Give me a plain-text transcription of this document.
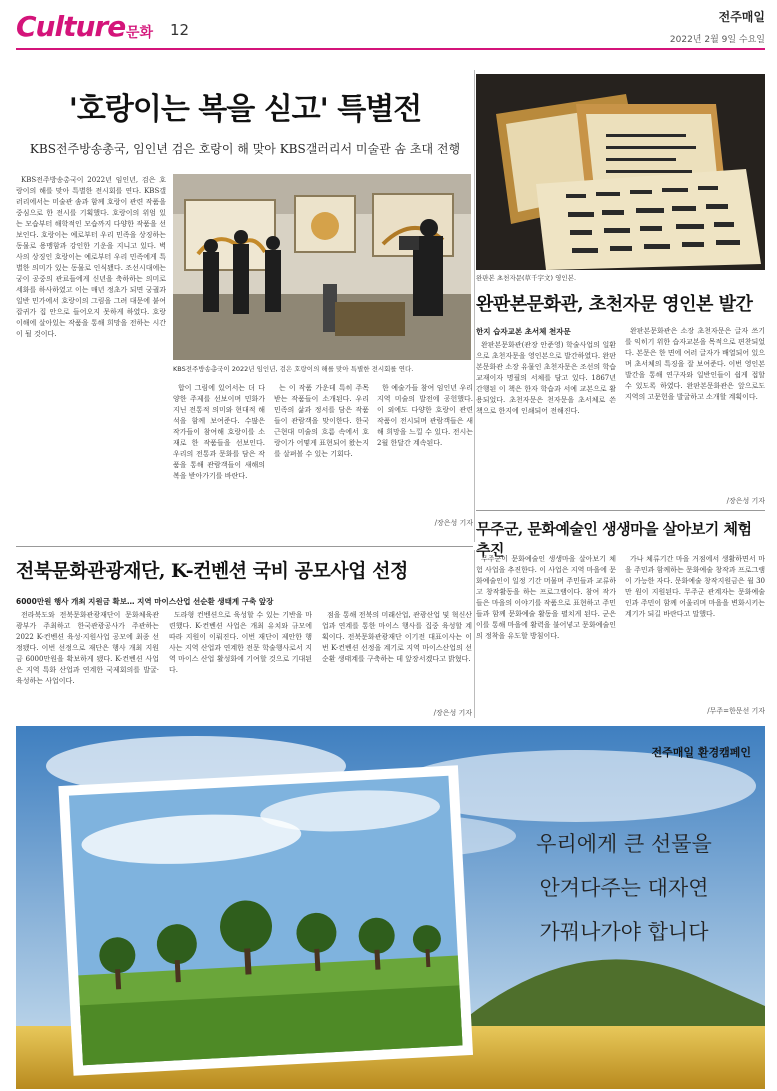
Culture 문화 12
전주매일
2022년 2월 9일 수요일
'호랑이는 복을 싣고' 특별전
KBS전주방송총국, 임인년 검은 호랑이 해 맞아 KBS갤러리서 미술관 솜 초대 전행

KBS전주방송총국이 2022년 임인년, 검은 호랑이의 해를 맞아 특별한 전시회를 연다. KBS갤러리에서는 미술관 솜과 함께 호랑이 관련 작품을 중심으로 한 전시를 기획했다. 호랑이의 위엄 있는 모습부터 해학적인 모습까지 다양한 작품을 선보인다. 호랑이는 예로부터 우리 민족을 상징하는 동물로 용맹함과 강인한 기운을 지니고 있다. 벽사의 상징인 호랑이는 예로부터 우리 민족에게 특별한 의미가 있는 동물로 인식됐다. 조선시대에는 궁이 공중의 관료들에게 신년을 축하하는 의미로 세화를 하사하였고 이는 매년 정초가 되면 궁궐과 일반 민가에서 호랑이의 그림을 그려 대문에 붙여 잡귀가 집 안으로 들어오지 못하게 하였다. 호랑이해에 살아있는 작품을 통해 희망을 전하는 시간이 될 것이다.

KBS전주방송총국이 2022년 임인년, 검은 호랑이의 해를 맞아 특별한 전시회를 연다.

합이 그림에 있어서는 더 다양한 주제를 선보이며 민화가 지닌 전통적 의미와 현대적 해석을 함께 보여준다. 수많은 작가들이 참여해 호랑이를 소재로 한 작품들을 선보인다. 우리의 전통과 문화를 담은 작품을 통해 관람객들이 새해의 복을 받아가기를 바란다.

는 이 작품 가운데 특히 주목받는 작품들이 소개된다. 우리 민족의 삶과 정서를 담은 작품들이 관람객을 맞이한다. 한국 근현대 미술의 흐름 속에서 호랑이가 어떻게 표현되어 왔는지를 살펴볼 수 있는 기회다.

한 예술가들 참여 임인년 우리 지역 미술의 발전에 공헌했다. 이 외에도 다양한 호랑이 관련 작품이 전시되며 관람객들은 새해 희망을 느낄 수 있다. 전시는 2월 한달간 계속된다.

/장은성 기자
완판본 초천자문(草千字文) 영인본.
완판본문화관, 초천자문 영인본 발간
한지 습자교본 초서체 천자문

완판본문화관(관장 안준영) 학술사업의 일환으로 초천자문을 영인본으로 발간하였다. 완판본문화관 소장 유물인 초천자문은 조선의 학습 교재이자 명필의 서체를 담고 있다. 1867년 간행된 이 책은 한자 학습과 서예 교본으로 활용되었다. 초천자문은 천자문을 초서체로 쓴 책으로 한지에 인쇄되어 전해진다.

완판본문화관은 소장 초천자문은 글자 쓰기를 익히기 위한 습자교본을 목적으로 편찬되었다. 본문은 한 면에 여러 글자가 배열되어 있으며 초서체의 특징을 잘 보여준다. 이번 영인본 발간을 통해 연구자와 일반인들이 쉽게 접할 수 있도록 하였다. 완판본문화관은 앞으로도 지역의 고문헌을 발굴하고 소개할 계획이다.

/장은성 기자
무주군, 문화예술인 생생마을 살아보기 체험 추진

무주군이 문화예술인 생생마을 살아보기 체험 사업을 추진한다. 이 사업은 지역 마을에 문화예술인이 일정 기간 머물며 주민들과 교류하고 창작활동을 하는 프로그램이다. 참여 작가들은 마을의 이야기를 작품으로 표현하고 주민들과 함께 문화예술 활동을 펼치게 된다. 군은 이를 통해 마을에 활력을 불어넣고 문화예술인의 정착을 유도할 방침이다.

가나 체류기간 마을 거점에서 생활하면서 마을 주민과 함께하는 문화예술 창작과 프로그램이 가능한 자다. 문화예술 창작지원금은 월 30만 원이 지원된다. 무주군 관계자는 문화예술인과 주민이 함께 어울리며 마을을 변화시키는 계기가 되길 바란다고 말했다.

/무주=한문선 기자
전북문화관광재단, K-컨벤션 국비 공모사업 선정
6000만원 행사 개최 지원금 확보… 지역 마이스산업 선순환 생태계 구축 앞장

전라북도와 전북문화관광재단이 문화체육관광부가 주최하고 한국관광공사가 주관하는 2022 K-컨벤션 육성·지원사업 공모에 최종 선정됐다. 이번 선정으로 재단은 행사 개최 지원금 6000만원을 확보하게 됐다. K-컨벤션 사업은 지역 특화 산업과 연계한 국제회의를 발굴·육성하는 사업이다.

도라형 컨벤션으로 육성할 수 있는 기반을 마련했다. K-컨벤션 사업은 개최 유치와 규모에 따라 지원이 이뤄진다. 이번 재단이 제안한 행사는 지역 산업과 연계한 전문 학술행사로서 지역 마이스 산업 활성화에 기여할 것으로 기대된다.

점을 통해 전북의 미래산업, 관광산업 및 혁신산업과 연계를 통한 마이스 행사를 집중 육성할 계획이다. 전북문화관광재단 이기전 대표이사는 이번 K-컨벤션 선정을 계기로 지역 마이스산업의 선순환 생태계를 구축하는 데 앞장서겠다고 밝혔다.

/장은성 기자
전주매일 환경캠페인
우리에게 큰 선물을
안겨다주는 대자연
가꿔나가야 합니다
